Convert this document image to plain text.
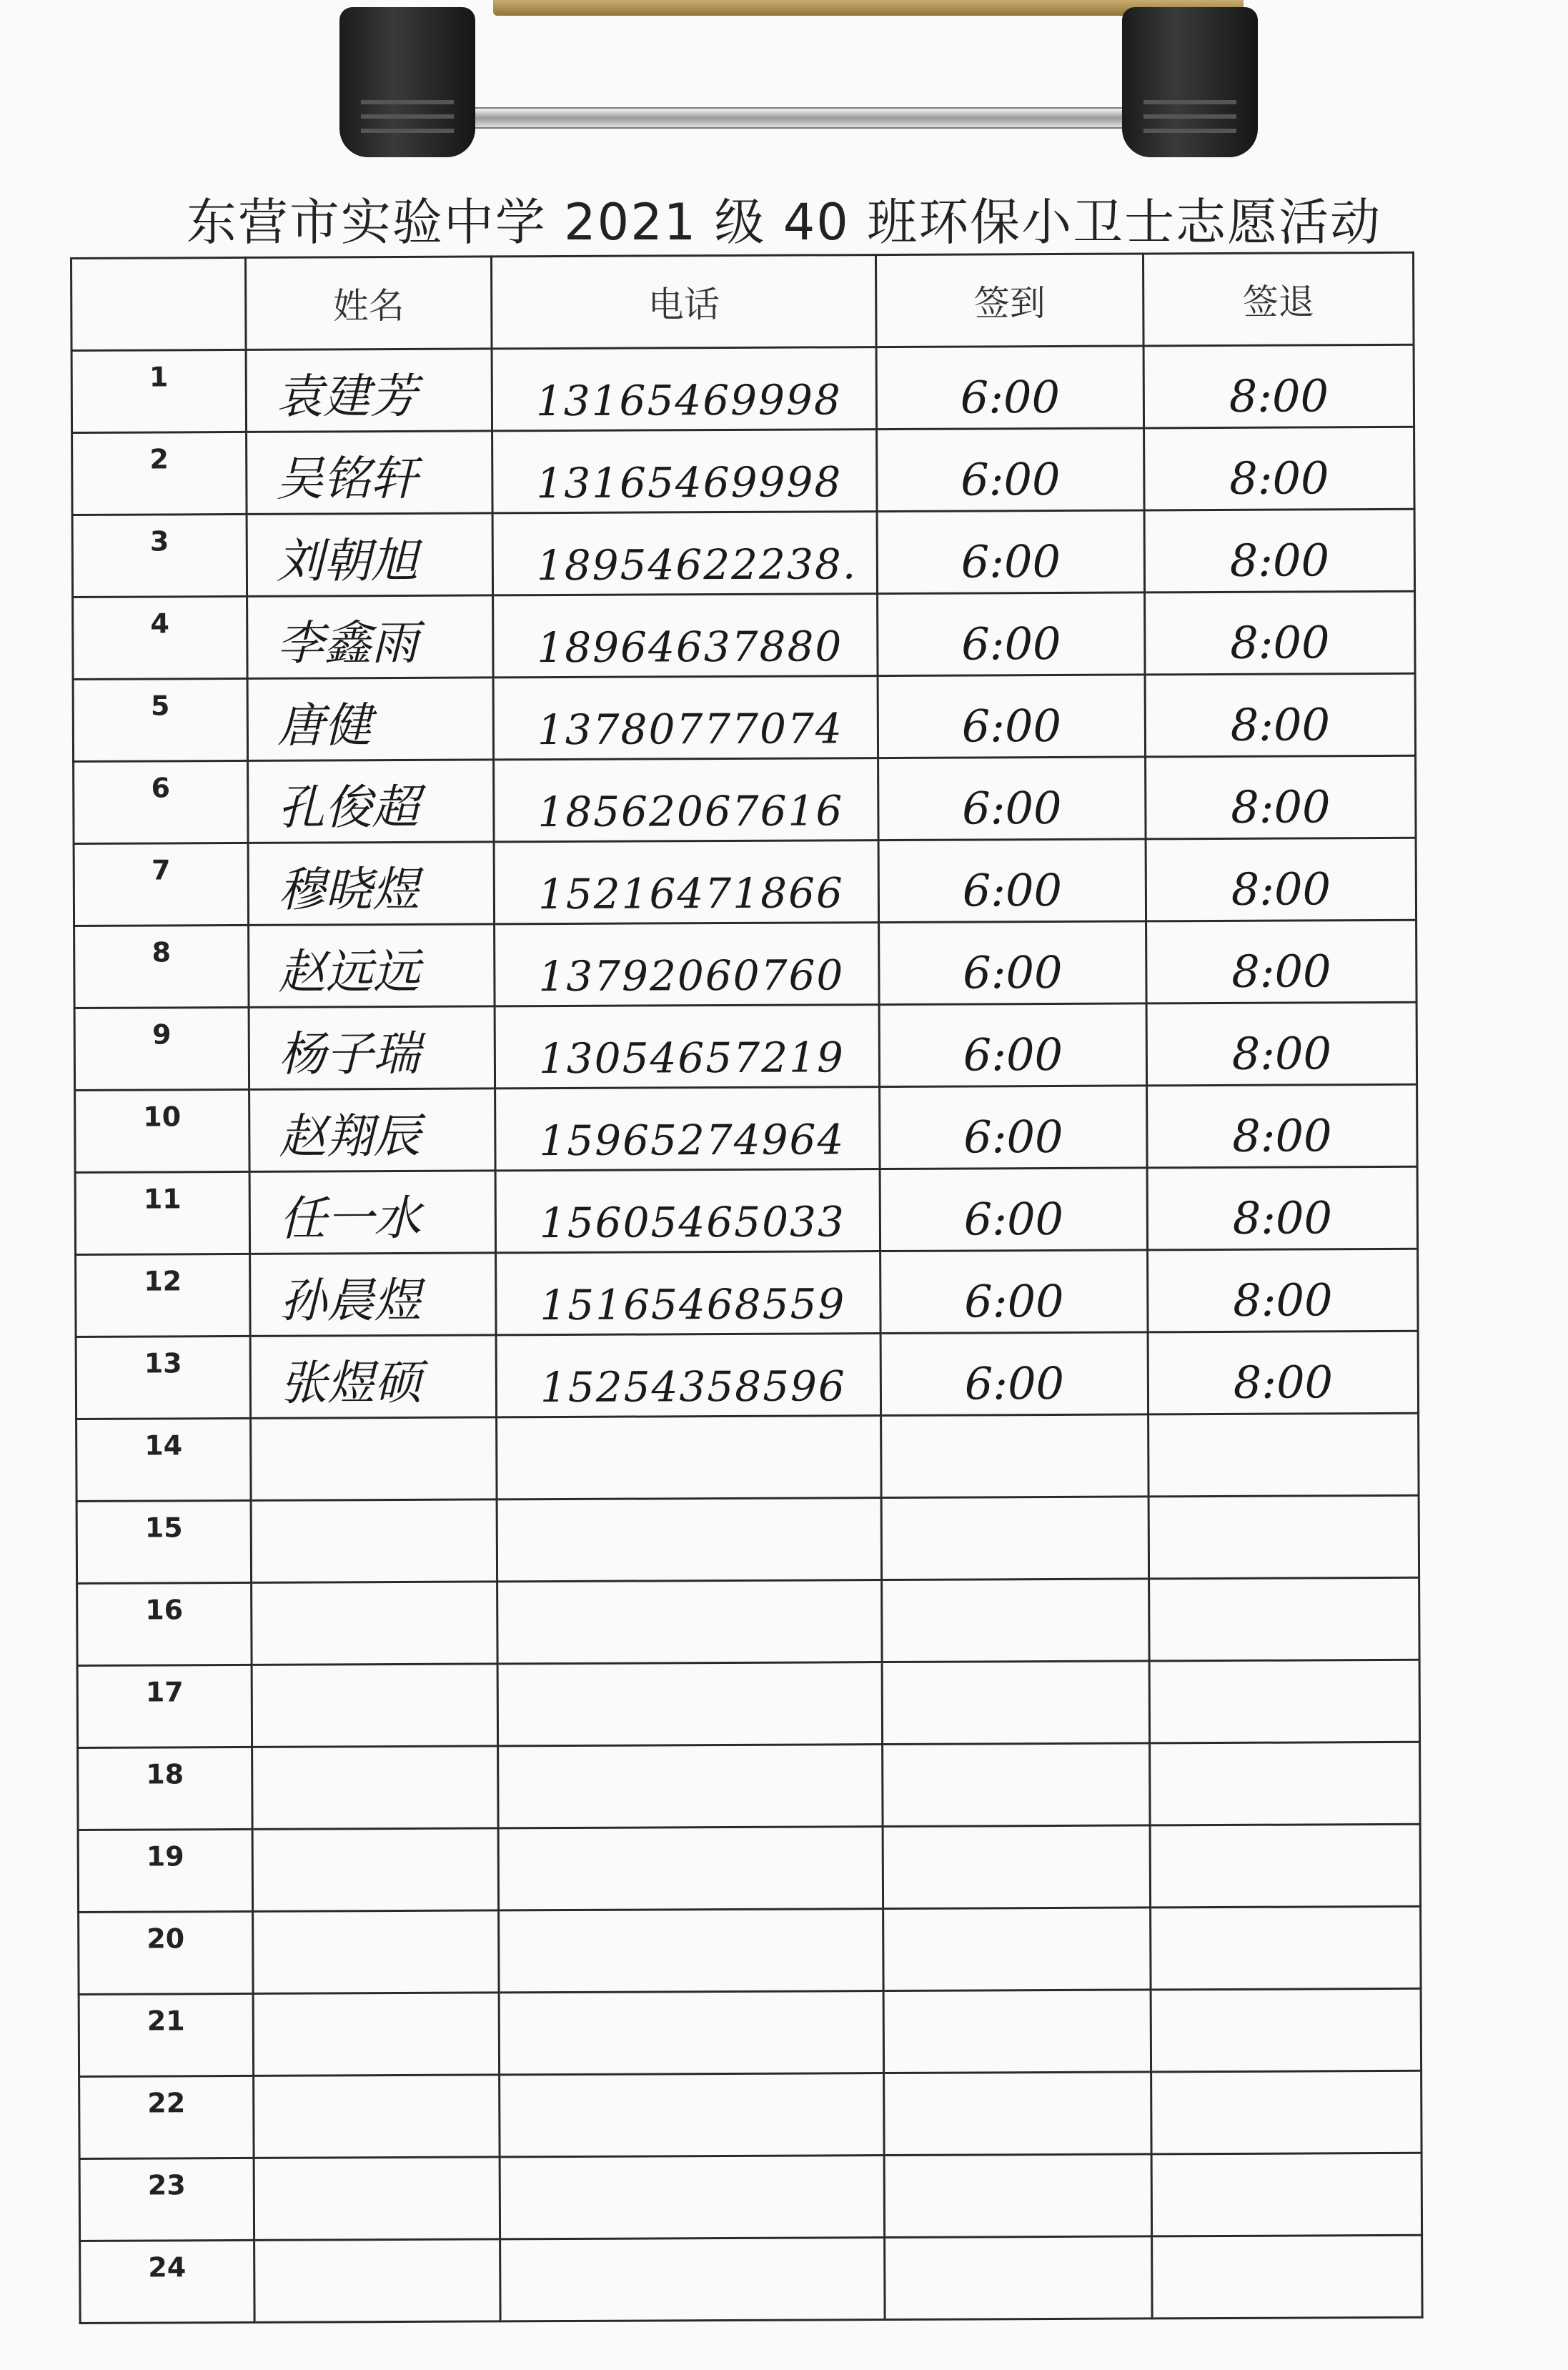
东营市实验中学 2021 级 40 班环保小卫士志愿活动
	姓名	电话	签到	签退
1	袁建芳	13165469998	6:00	8:00
2	吴铭轩	13165469998	6:00	8:00
3	刘朝旭	18954622238.	6:00	8:00
4	李鑫雨	18964637880	6:00	8:00
5	唐健	13780777074	6:00	8:00
6	孔俊超	18562067616	6:00	8:00
7	穆晓煜	15216471866	6:00	8:00
8	赵远远	13792060760	6:00	8:00
9	杨子瑞	13054657219	6:00	8:00
10	赵翔辰	15965274964	6:00	8:00
11	任一水	15605465033	6:00	8:00
12	孙晨煜	15165468559	6:00	8:00
13	张煜硕	15254358596	6:00	8:00
14				
15				
16				
17				
18				
19				
20				
21				
22				
23				
24				
